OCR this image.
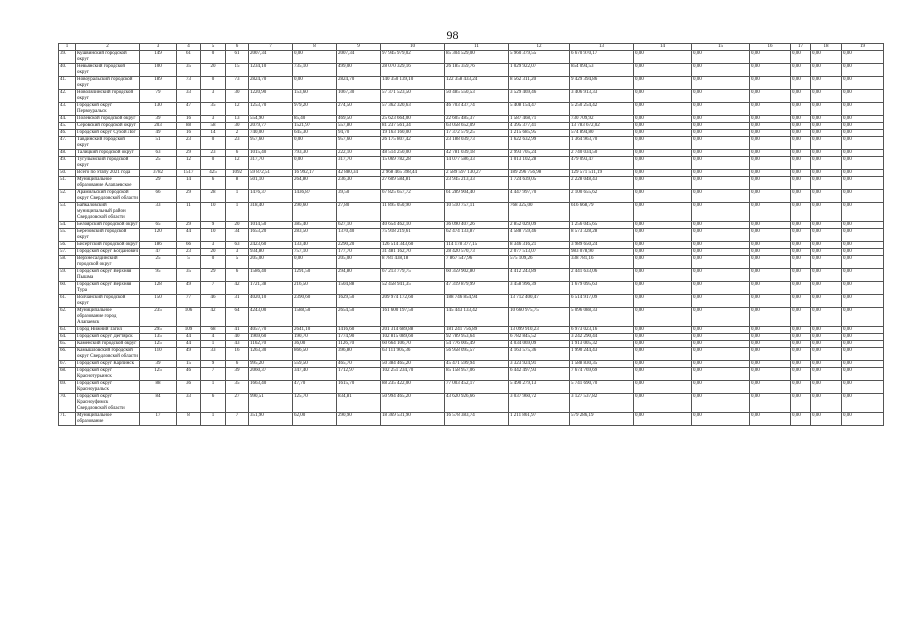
98
1	2	3	4	5	6	7	8	9	10	11	12	13	14	15	16	17	18	19
39.	Кушвинский городской округ	149	61	0	61	2007,34	0,00	2007,34	97 945 979,02	85 304 529,00	5 960 379,55	6 670 970,17	0,00	0,00	0,00	0,00	0,00	0,00
40.	Невьянский городской округ	100	35	20	15	1234,10	735,10	499,00	28 070 329,16	26 185 359,76	1 029 922,07	854 094,53	0,00	0,00	0,00	0,00	0,00	0,00
41.	Новоуральский городской округ	189	73	0	73	2824,70	0,00	2824,70	140 350 139,10	122 358 433,24	8 562 311,20	9 429 394,86	0,00	0,00	0,00	0,00	0,00	0,00
42.	Новолялинский городской округ	79	33	3	30	1220,90	153,60	1067,30	57 371 523,50	50 485 550,53	3 529 469,46	3 406 913,33	0,00	0,00	0,00	0,00	0,00	0,00
43.	Городской округ Первоуральск	130	47	35	12	1253,70	979,20	274,50	57 362 320,63	46 703 437,74	5 408 154,47	5 250 254,42	0,00	0,00	0,00	0,00	0,00	0,00
44.	Полевской городской округ	39	16	3	13	554,90	85,40	469,50	25 623 664,00	22 605 485,37	1 587 468,71	730 709,92	0,00	0,00	0,00	0,00	0,00	0,00
45.	Серовский городской округ	203	88	58	30	2079,77	1521,97	557,80	81 237 561,34	63 058 652,09	4 395 377,41	13 783 672,02	0,00	0,00	0,00	0,00	0,00	0,00
46.	Городской округ Сухой Лог	49	16	14	2	740,00	645,30	94,70	19 163 160,00	17 372 579,25	1 215 685,95	574 894,80	0,00	0,00	0,00	0,00	0,00	0,00
47.	Тавдинский городской округ	51	23	0	23	957,60	0,00	957,60	26 175 807,42	23 188 039,73	1 622 632,99	1 364 963,70	0,00	0,00	0,00	0,00	0,00	0,00
48.	Талицкий городской округ	63	29	23	6	1015,40	793,30	222,10	48 514 250,00	42 781 039,18	2 993 705,24	2 740 034,50	0,00	0,00	0,00	0,00	0,00	0,00
49.	Тугулымский городской округ	25	12	0	12	317,70	0,00	317,70	15 069 782,28	14 077 586,33	1 013 102,28	479 093,47	0,00	0,00	0,00	0,00	0,00	0,00
50.	Всего по этапу 2021 года	3782	1517	425	1092	59 872,51	16 992,17	42 880,34	2 968 465 398,44	2 589 597 130,27	189 296 756,98	129 571 511,19	0,00	0,00	0,00	0,00	0,00	0,00
51.	Муниципальное образование Алапаевское	29	14	6	8	501,10	264,80	236,30	27 609 584,81	23 945 213,33	1 724 639,05	2 228 048,43	0,00	0,00	0,00	0,00	0,00	0,00
52.	Арамильский городской округ Свердловской области	66	29	28	1	1476,37	1436,87	39,50	67 825 657,72	61 289 904,40	4 447 997,70	2 100 655,62	0,00	0,00	0,00	0,00	0,00	0,00
53.	Байкаловский муниципальный район Свердловской области	33	11	10	1	318,40	290,60	27,80	11 895 050,90	10 510 757,11	768 325,00	616 668,79	0,00	0,00	0,00	0,00	0,00	0,00
54.	Белоярский городской округ	65	29	9	20	1014,50	385,40	627,10	40 654 462,10	36 090 407,26	2 852 029,09	1 256 045,65	0,00	0,00	0,00	0,00	0,00	0,00
55.	Березовский городской округ	120	44	10	34	1653,20	283,50	1370,40	75 918 219,61	62 474 133,87	4 588 759,46	8 573 328,28	0,00	0,00	0,00	0,00	0,00	0,00
56.	Бисертский городской округ	186	66	3	63	2423,60	133,40	2290,20	126 514 343,60	114 178 377,15	8 346 316,21	3 989 650,24	0,00	0,00	0,00	0,00	0,00	0,00
57.	Городской округ Богданович	47	23	20	3	934,80	757,10	177,70	31 481 162,70	28 420 570,73	2 077 513,07	983 078,90	0,00	0,00	0,00	0,00	0,00	0,00
58.	Верхнесалдинский городской округ	25	5	0	5	205,00	0,00	205,00	8 781 438,18	7 867 547,96	575 109,26	338 781,16	0,00	0,00	0,00	0,00	0,00	0,00
59.	Городской округ Верхняя Пышма	95	35	29	6	1586,40	1291,50	294,80	67 213 779,75	60 359 902,80	4 412 243,89	2 441 633,06	0,00	0,00	0,00	0,00	0,00	0,00
60.	Городской округ Верхняя Тура	128	49	7	42	1721,38	216,50	1504,88	52 458 941,35	47 319 879,99	3 458 996,39	1 679 095,63	0,00	0,00	0,00	0,00	0,00	0,00
61.	Волчанский городской округ	150	77	46	31	4020,10	2390,60	1629,50	209 974 172,60	188 746 854,94	13 712 400,47	6 514 917,09	0,00	0,00	0,00	0,00	0,00	0,00
62.	Муниципальное образование город Алапаевск	235	106	42	64	4243,00	1588,50	2654,50	161 600 197,50	145 443 133,42	10 660 975,75	5 096 088,33	0,00	0,00	0,00	0,00	0,00	0,00
63.	Город Нижний Тагил	295	109	68	41	4057,70	2641,10	1416,60	201 314 689,88	181 241 756,89	13 099 910,23	6 973 023,16	0,00	0,00	0,00	0,00	0,00	0,00
64.	Городской округ Дегтярск	135	44	4	40	1969,60	190,70	1774,90	102 815 089,60	92 789 953,64	6 782 845,52	3 242 290,44	0,00	0,00	0,00	0,00	0,00	0,00
65.	Каменский городской округ	125	44	1	43	1162,70	36,00	1126,70	60 664 106,70	54 776 005,49	4 034 069,09	1 913 005,32	0,00	0,00	0,00	0,00	0,00	0,00
66.	Камышловский городской округ Свердловской области	110	49	33	16	1263,30	866,50	396,80	63 111 905,36	56 958 095,57	4 163 575,36	1 990 244,43	0,00	0,00	0,00	0,00	0,00	0,00
67.	Городской округ Карпинск	39	15	9	6	995,20	559,50	465,70	50 384 465,20	45 471 599,94	3 323 924,91	1 588 830,35	0,00	0,00	0,00	0,00	0,00	0,00
68.	Городской округ Краснотурьинск	125	46	7	39	2060,37	347,40	1712,97	102 251 234,70	85 158 957,06	6 442 497,93	7 674 769,69	0,00	0,00	0,00	0,00	0,00	0,00
69.	Городской округ Красноуральск	88	36	1	35	1663,40	47,70	1615,70	88 235 422,00	77 003 452,17	5 490 279,13	5 741 690,70	0,00	0,00	0,00	0,00	0,00	0,00
70.	Городской округ Красноуфимск Свердловской области	84	33	6	27	990,51	125,70	834,81	50 994 465,20	43 620 926,66	3 037 960,72	3 127 537,82	0,00	0,00	0,00	0,00	0,00	0,00
71.	Муниципальное образование	17	8	1	7	351,90	62,00	290,90	18 369 531,90	16 578 383,74	1 211 861,97	579 286,19	0,00	0,00	0,00	0,00	0,00	0,00
